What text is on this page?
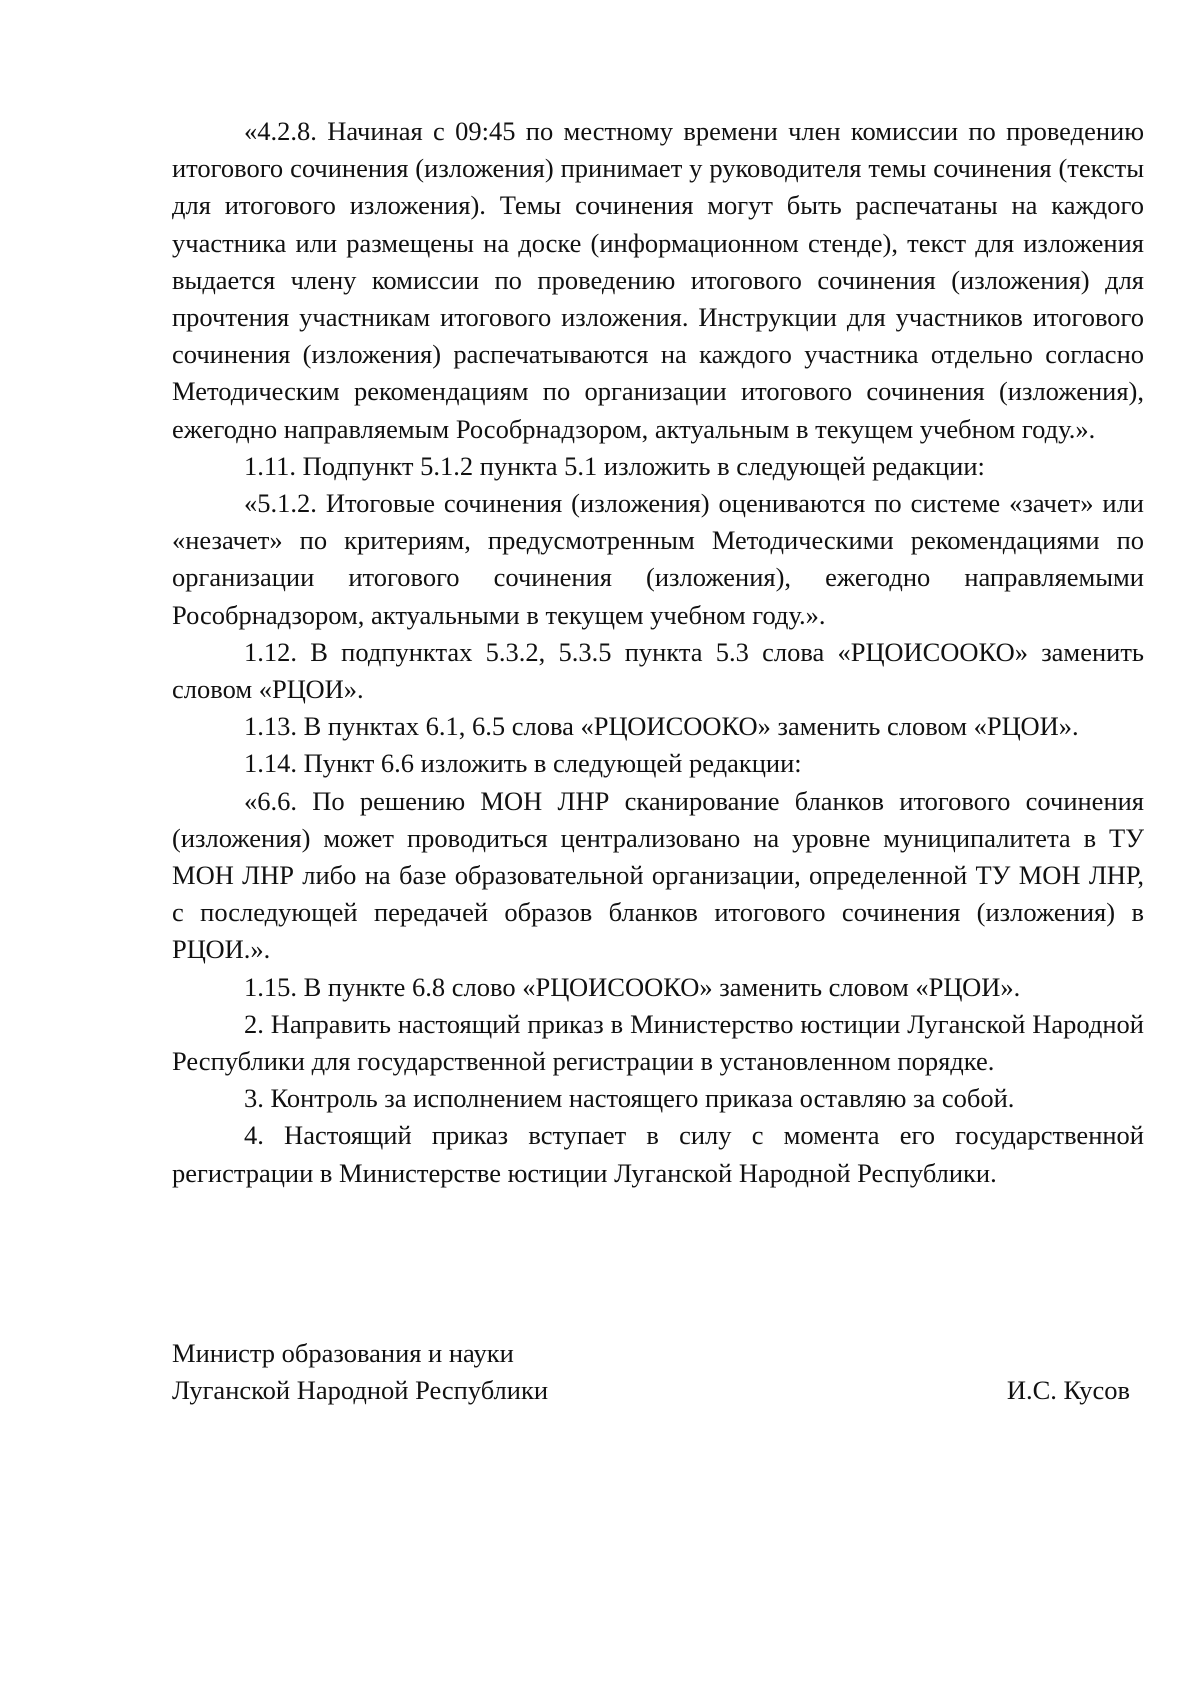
«4.2.8. Начиная с 09:45 по местному времени член комиссии по проведению итогового сочинения (изложения) принимает у руководителя темы сочинения (тексты для итогового изложения). Темы сочинения могут быть распечатаны на каждого участника или размещены на доске (информационном стенде), текст для изложения выдается члену комиссии по проведению итогового сочинения (изложения) для прочтения участникам итогового изложения. Инструкции для участников итогового сочинения (изложения) распечатываются на каждого участника отдельно согласно Методическим рекомендациям по организации итогового сочинения (изложения), ежегодно направляемым Рособрнадзором, актуальным в текущем учебном году.».

1.11. Подпункт 5.1.2 пункта 5.1 изложить в следующей редакции:

«5.1.2. Итоговые сочинения (изложения) оцениваются по системе «зачет» или «незачет» по критериям, предусмотренным Методическими рекомендациями по организации итогового сочинения (изложения), ежегодно направляемыми Рособрнадзором, актуальными в текущем учебном году.».

1.12. В подпунктах 5.3.2, 5.3.5 пункта 5.3 слова «РЦОИСООКО» заменить словом «РЦОИ».

1.13. В пунктах 6.1, 6.5 слова «РЦОИСООКО» заменить словом «РЦОИ».

1.14. Пункт 6.6 изложить в следующей редакции:

«6.6. По решению МОН ЛНР сканирование бланков итогового сочинения (изложения) может проводиться централизовано на уровне муниципалитета в ТУ МОН ЛНР либо на базе образовательной организации, определенной ТУ МОН ЛНР, с последующей передачей образов бланков итогового сочинения (изложения) в РЦОИ.».

1.15. В пункте 6.8 слово «РЦОИСООКО» заменить словом «РЦОИ».

2. Направить настоящий приказ в Министерство юстиции Луганской Народной Республики для государственной регистрации в установленном порядке.

3. Контроль за исполнением настоящего приказа оставляю за собой.

4. Настоящий приказ вступает в силу с момента его государственной регистрации в Министерстве юстиции Луганской Народной Республики.

Министр образования и науки
Луганской Народной Республики	И.С. Кусов
